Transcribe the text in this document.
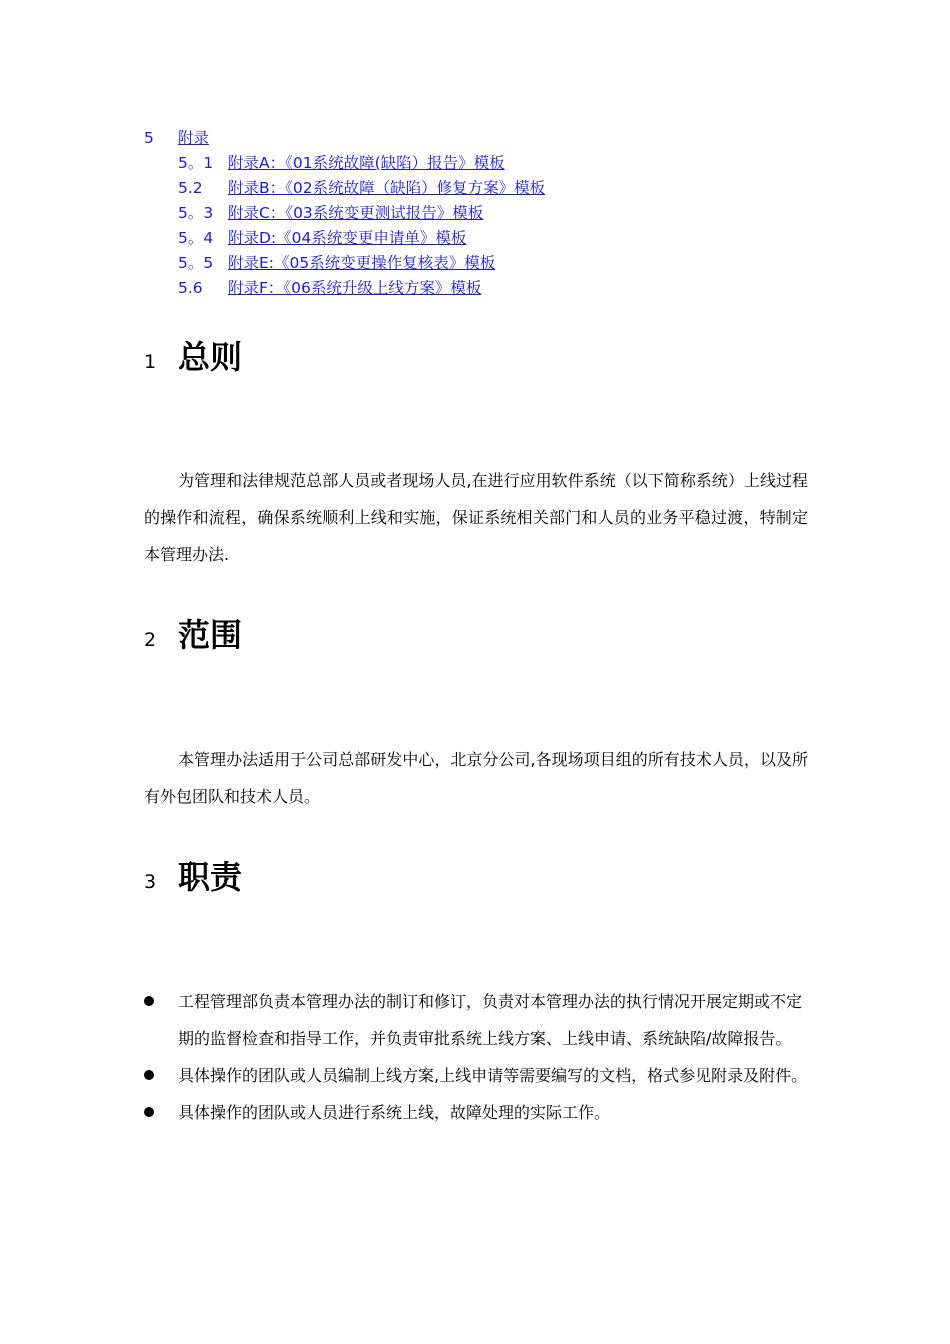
5 附录
5。1 附录A：《01系统故障(缺陷）报告》模板
5.2 附录B：《02系统故障（缺陷）修复方案》模板
5。3 附录C：《03系统变更测试报告》模板
5。4 附录D:《04系统变更申请单》模板
5。5 附录E:《05系统变更操作复核表》模板
5.6 附录F：《06系统升级上线方案》模板
1 总则

为管理和法律规范总部人员或者现场人员,在进行应用软件系统（以下简称系统）上线过程的操作和流程，确保系统顺利上线和实施，保证系统相关部门和人员的业务平稳过渡，特制定本管理办法.

2 范围

本管理办法适用于公司总部研发中心，北京分公司,各现场项目组的所有技术人员，以及所有外包团队和技术人员。

3 职责
工程管理部负责本管理办法的制订和修订，负责对本管理办法的执行情况开展定期或不定期的监督检查和指导工作，并负责审批系统上线方案、上线申请、系统缺陷/故障报告。
具体操作的团队或人员编制上线方案,上线申请等需要编写的文档，格式参见附录及附件。
具体操作的团队或人员进行系统上线，故障处理的实际工作。
